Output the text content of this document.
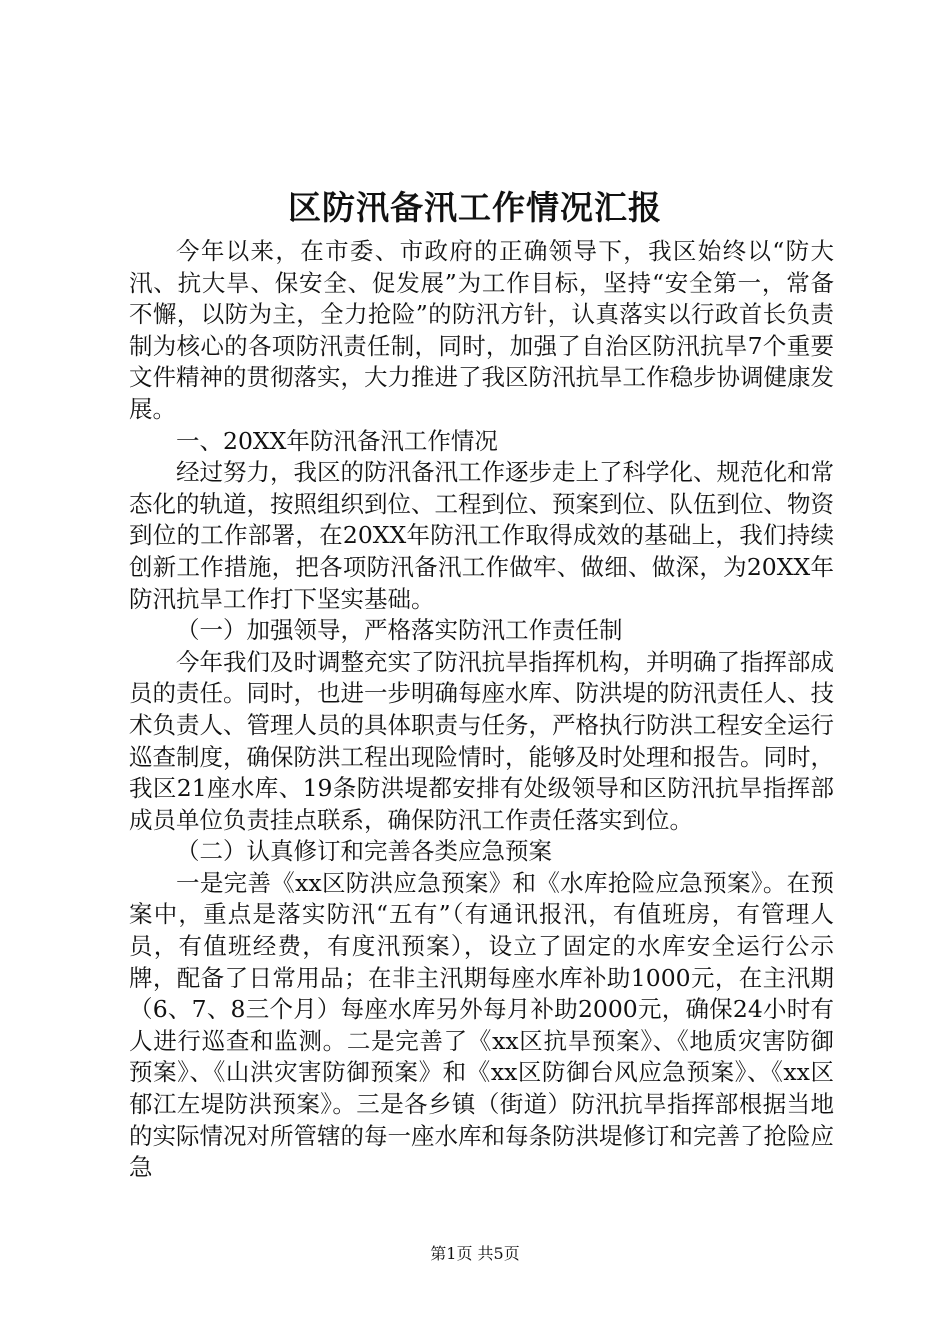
区防汛备汛工作情况汇报

今年以来，在市委、市政府的正确领导下，我区始终以“防大汛、抗大旱、保安全、促发展”为工作目标，坚持“安全第一，常备不懈，以防为主，全力抢险”的防汛方针，认真落实以行政首长负责制为核心的各项防汛责任制，同时，加强了自治区防汛抗旱7个重要文件精神的贯彻落实，大力推进了我区防汛抗旱工作稳步协调健康发展。

一、20XX年防汛备汛工作情况

经过努力，我区的防汛备汛工作逐步走上了科学化、规范化和常态化的轨道，按照组织到位、工程到位、预案到位、队伍到位、物资到位的工作部署，在20XX年防汛工作取得成效的基础上，我们持续创新工作措施，把各项防汛备汛工作做牢、做细、做深，为20XX年防汛抗旱工作打下坚实基础。

（一）加强领导，严格落实防汛工作责任制

今年我们及时调整充实了防汛抗旱指挥机构，并明确了指挥部成员的责任。同时，也进一步明确每座水库、防洪堤的防汛责任人、技术负责人、管理人员的具体职责与任务，严格执行防洪工程安全运行巡查制度，确保防洪工程出现险情时，能够及时处理和报告。同时，我区21座水库、19条防洪堤都安排有处级领导和区防汛抗旱指挥部成员单位负责挂点联系，确保防汛工作责任落实到位。

（二）认真修订和完善各类应急预案

一是完善《xx区防洪应急预案》和《水库抢险应急预案》。在预案中，重点是落实防汛“五有”（有通讯报汛，有值班房，有管理人员，有值班经费，有度汛预案），设立了固定的水库安全运行公示牌，配备了日常用品；在非主汛期每座水库补助1000元，在主汛期（6、7、8三个月）每座水库另外每月补助2000元，确保24小时有人进行巡查和监测。二是完善了《xx区抗旱预案》、《地质灾害防御预案》、《山洪灾害防御预案》和《xx区防御台风应急预案》、《xx区郁江左堤防洪预案》。三是各乡镇（街道）防汛抗旱指挥部根据当地的实际情况对所管辖的每一座水库和每条防洪堤修订和完善了抢险应急

第1页 共5页
